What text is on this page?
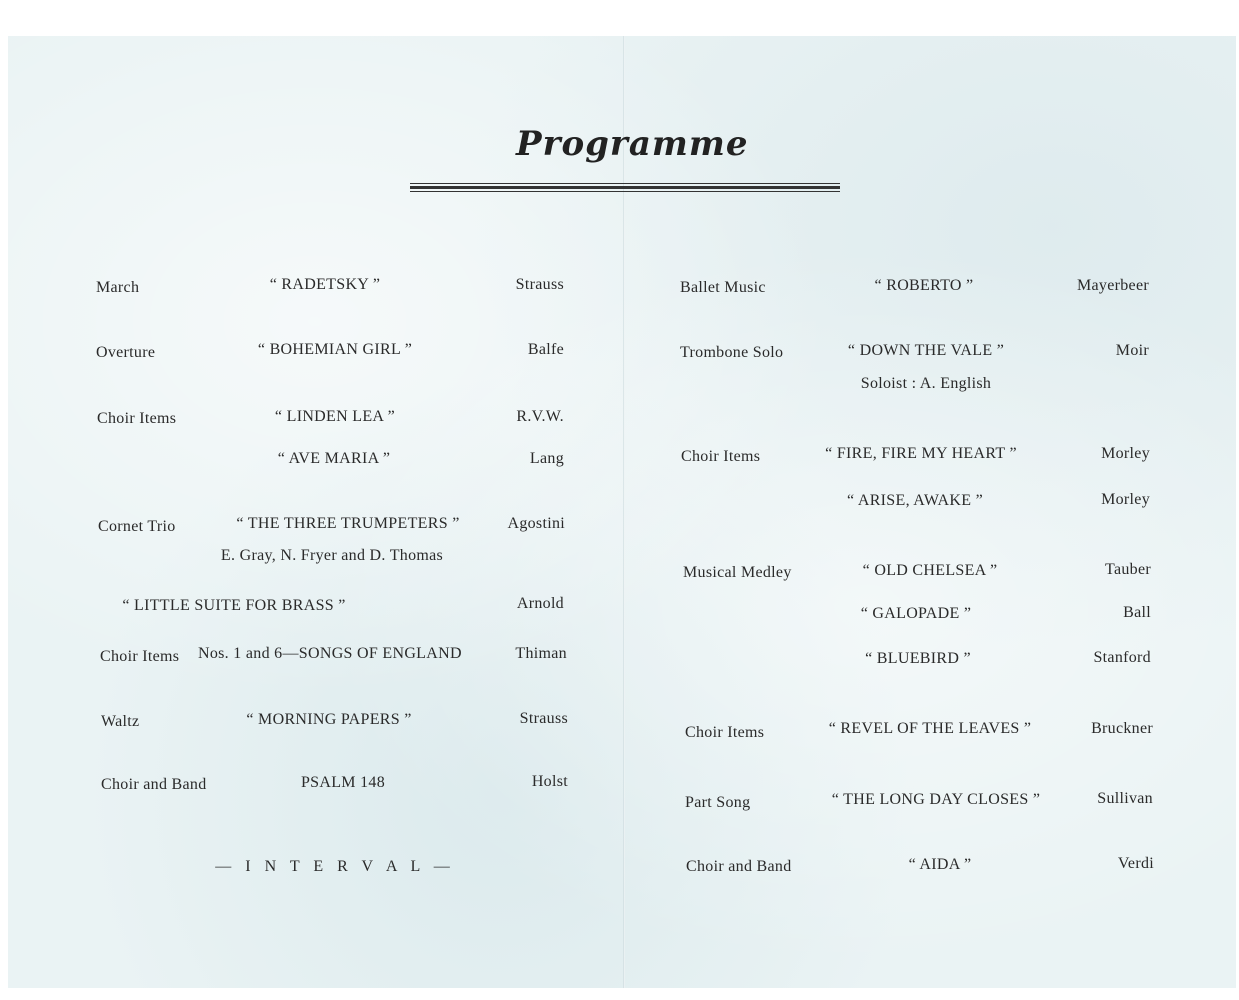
Programme
March	“ RADETSKY ”	Strauss
Overture	“ BOHEMIAN GIRL ”	Balfe
Choir Items	“ LINDEN LEA ”	R.V.W.
“ AVE MARIA ”	Lang
Cornet Trio	“ THE THREE TRUMPETERS ”	Agostini
E. Gray, N. Fryer and D. Thomas
“ LITTLE SUITE FOR BRASS ”	Arnold
Choir Items Nos. 1 and 6—SONGS OF ENGLAND	Thiman
Waltz	“ MORNING PAPERS ”	Strauss
Choir and Band	PSALM 148	Holst
— I N T E R V A L —
Ballet Music	“ ROBERTO ”	Mayerbeer
Trombone Solo	“ DOWN THE VALE ”	Moir
Soloist : A. English
Choir Items	“ FIRE, FIRE MY HEART ”	Morley
“ ARISE, AWAKE ”	Morley
Musical Medley	“ OLD CHELSEA ”	Tauber
“ GALOPADE ”	Ball
“ BLUEBIRD ”	Stanford
Choir Items	“ REVEL OF THE LEAVES ”	Bruckner
Part Song	“ THE LONG DAY CLOSES ”	Sullivan
Choir and Band	“ AIDA ”	Verdi
